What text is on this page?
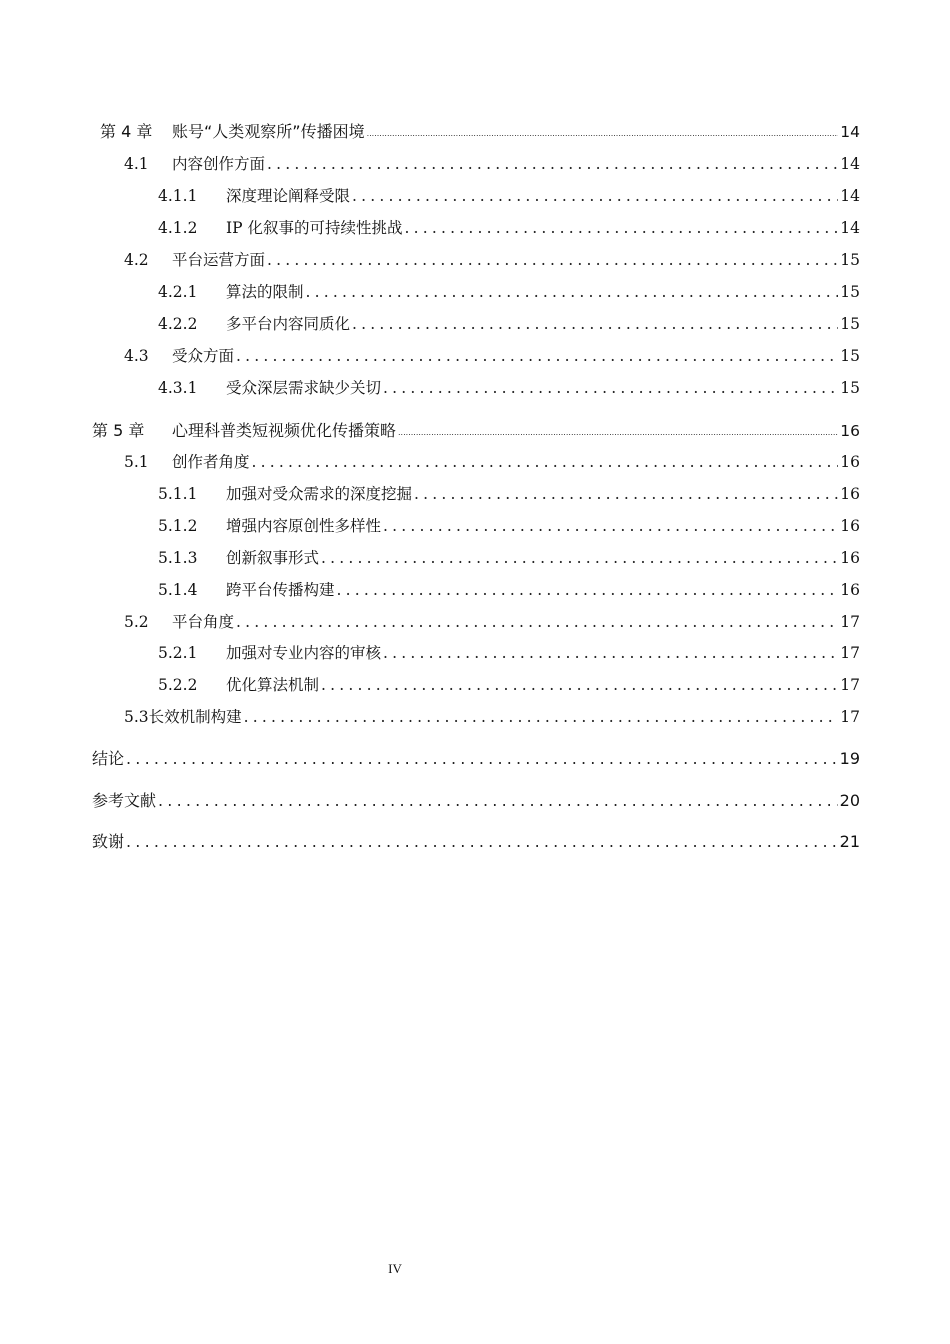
第 4 章	账号“人类观察所”传播困境 .....	14
4.1	内容创作方面 .....	14
4.1.1	深度理论阐释受限 .....	14
4.1.2	IP 化叙事的可持续性挑战 .....	14
4.2	平台运营方面 .....	15
4.2.1	算法的限制 .....	15
4.2.2	多平台内容同质化 .....	15
4.3	受众方面 .....	15
4.3.1	受众深层需求缺少关切 .....	15
第 5 章	心理科普类短视频优化传播策略 .....	16
5.1	创作者角度 .....	16
5.1.1	加强对受众需求的深度挖掘 .....	16
5.1.2	增强内容原创性多样性 .....	16
5.1.3	创新叙事形式 .....	16
5.1.4	跨平台传播构建 .....	16
5.2	平台角度 .....	17
5.2.1	加强对专业内容的审核 .....	17
5.2.2	优化算法机制 .....	17
5.3长效机制构建 .....	17
结论 .....	19
参考文献 .....	20
致谢 .....	21
IV
